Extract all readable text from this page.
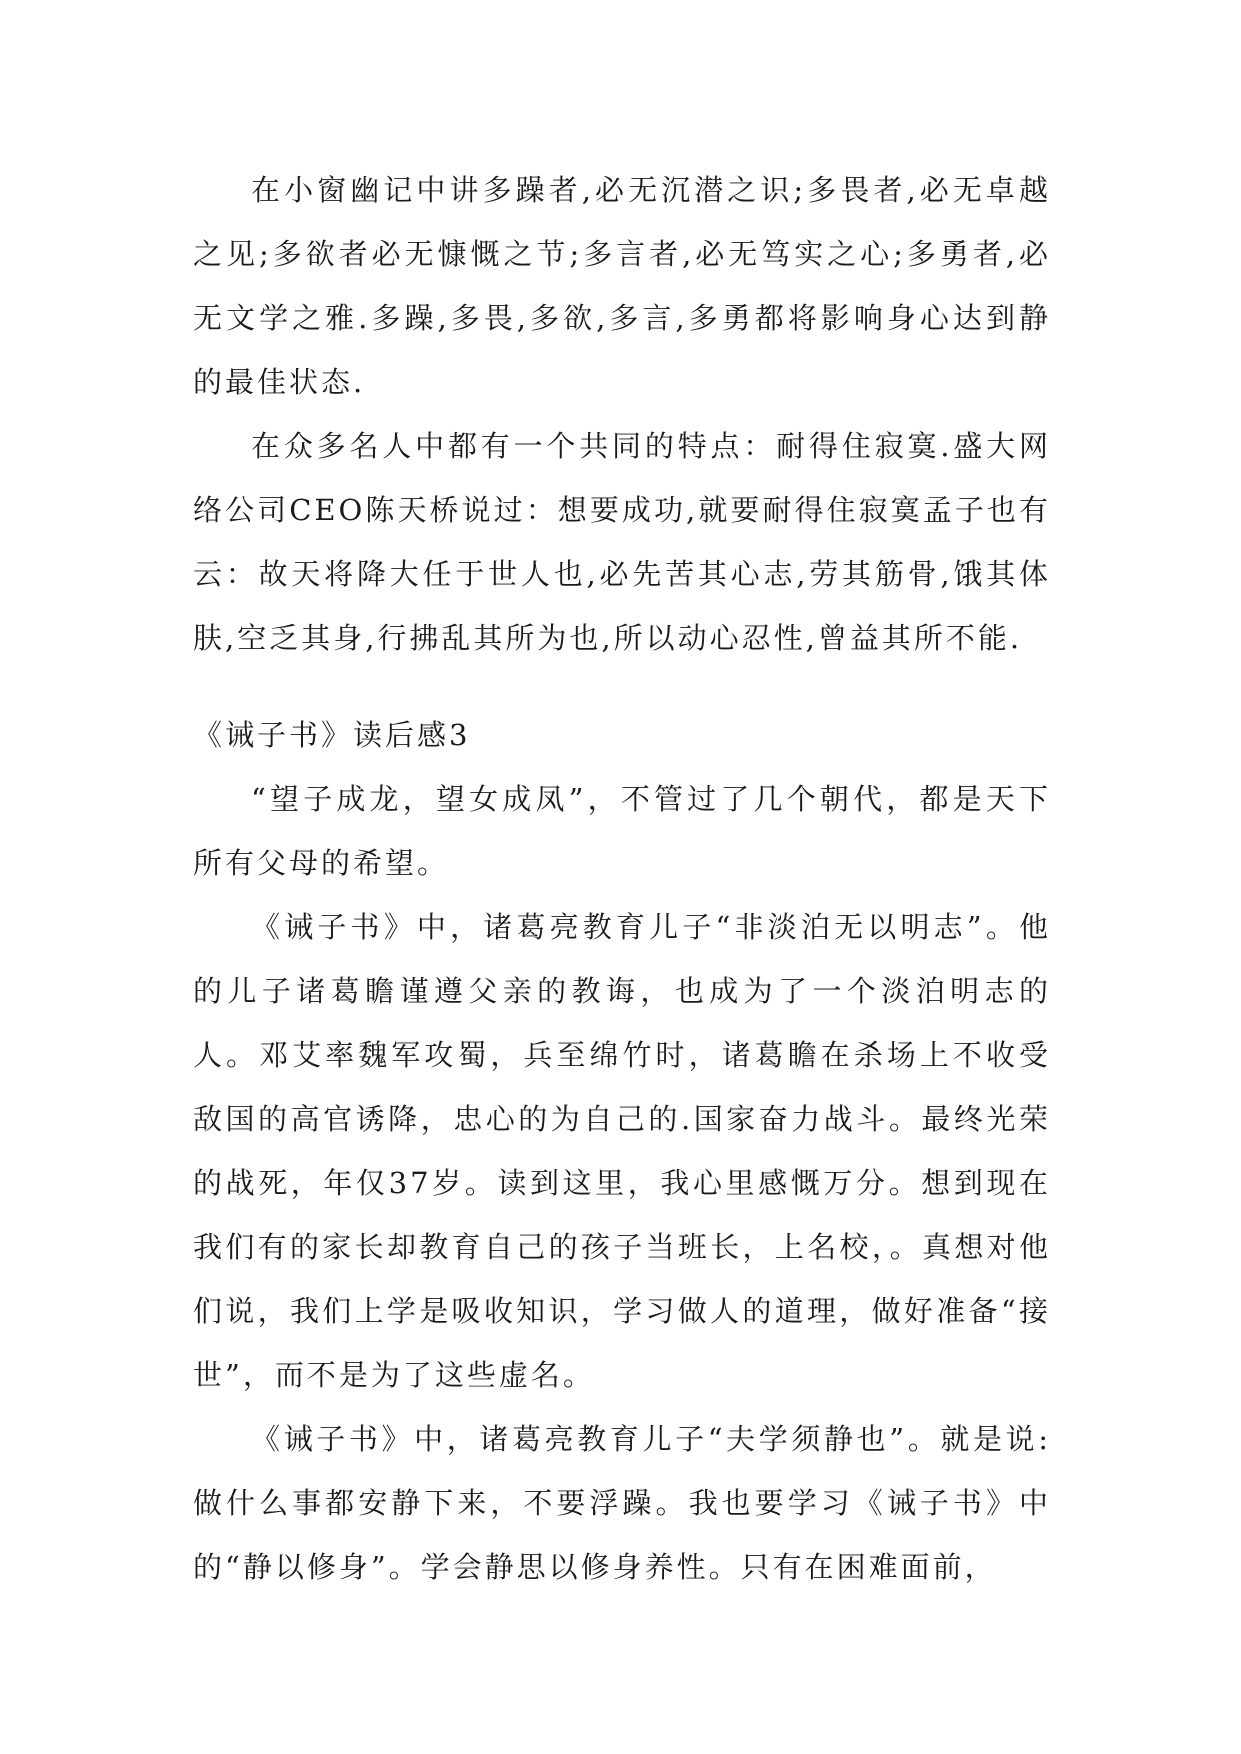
在小窗幽记中讲多躁者,必无沉潜之识;多畏者,必无卓越之见;多欲者必无慷慨之节;多言者,必无笃实之心;多勇者,必无文学之雅.多躁,多畏,多欲,多言,多勇都将影响身心达到静的最佳状态.

在众多名人中都有一个共同的特点：耐得住寂寞.盛大网络公司CEO陈天桥说过：想要成功,就要耐得住寂寞孟子也有云：故天将降大任于世人也,必先苦其心志,劳其筋骨,饿其体肤,空乏其身,行拂乱其所为也,所以动心忍性,曾益其所不能.

《诫子书》读后感3

“望子成龙，望女成凤”，不管过了几个朝代，都是天下所有父母的希望。

《诫子书》中，诸葛亮教育儿子“非淡泊无以明志”。他的儿子诸葛瞻谨遵父亲的教诲，也成为了一个淡泊明志的人。邓艾率魏军攻蜀，兵至绵竹时，诸葛瞻在杀场上不收受敌国的高官诱降，忠心的为自己的.国家奋力战斗。最终光荣的战死，年仅37岁。读到这里，我心里感慨万分。想到现在我们有的家长却教育自己的孩子当班长，上名校，。真想对他们说，我们上学是吸收知识，学习做人的道理，做好准备“接世”，而不是为了这些虚名。

《诫子书》中，诸葛亮教育儿子“夫学须静也”。就是说:做什么事都安静下来，不要浮躁。我也要学习《诫子书》中的“静以修身”。学会静思以修身养性。只有在困难面前，
